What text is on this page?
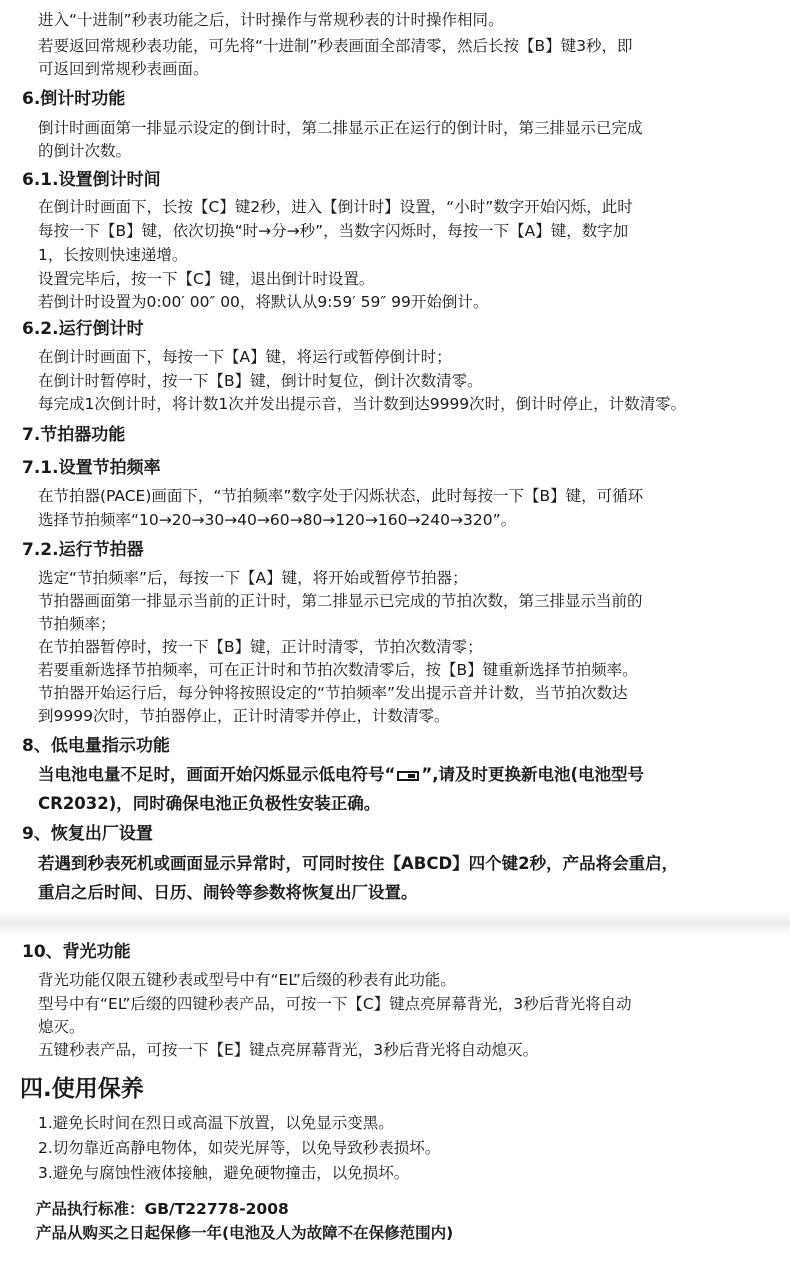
进入“十进制”秒表功能之后，计时操作与常规秒表的计时操作相同。
若要返回常规秒表功能，可先将“十进制”秒表画面全部清零，然后长按【B】键3秒，即
可返回到常规秒表画面。
6.倒计时功能
倒计时画面第一排显示设定的倒计时，第二排显示正在运行的倒计时，第三排显示已完成
的倒计次数。
6.1.设置倒计时间
在倒计时画面下，长按【C】键2秒，进入【倒计时】设置，“小时”数字开始闪烁，此时
每按一下【B】键，依次切换“时→分→秒”，当数字闪烁时，每按一下【A】键，数字加
1，长按则快速递增。
设置完毕后，按一下【C】键，退出倒计时设置。
若倒计时设置为0:00′ 00″ 00，将默认从9:59′ 59″ 99开始倒计。
6.2.运行倒计时
在倒计时画面下，每按一下【A】键，将运行或暂停倒计时；
在倒计时暂停时，按一下【B】键，倒计时复位，倒计次数清零。
每完成1次倒计时，将计数1次并发出提示音，当计数到达9999次时，倒计时停止，计数清零。
7.节拍器功能
7.1.设置节拍频率
在节拍器(PACE)画面下，“节拍频率”数字处于闪烁状态，此时每按一下【B】键，可循环
选择节拍频率“10→20→30→40→60→80→120→160→240→320”。
7.2.运行节拍器
选定“节拍频率”后，每按一下【A】键，将开始或暂停节拍器；
节拍器画面第一排显示当前的正计时，第二排显示已完成的节拍次数，第三排显示当前的
节拍频率；
在节拍器暂停时，按一下【B】键，正计时清零，节拍次数清零；
若要重新选择节拍频率，可在正计时和节拍次数清零后，按【B】键重新选择节拍频率。
节拍器开始运行后，每分钟将按照设定的“节拍频率”发出提示音并计数，当节拍次数达
到9999次时，节拍器停止，正计时清零并停止，计数清零。
8、低电量指示功能
当电池电量不足时，画面开始闪烁显示低电符号“ ”,请及时更换新电池(电池型号
CR2032)，同时确保电池正负极性安装正确。
9、恢复出厂设置
若遇到秒表死机或画面显示异常时，可同时按住【ABCD】四个键2秒，产品将会重启，
重启之后时间、日历、闹铃等参数将恢复出厂设置。
10、背光功能
背光功能仅限五键秒表或型号中有“EL”后缀的秒表有此功能。
型号中有“EL”后缀的四键秒表产品，可按一下【C】键点亮屏幕背光，3秒后背光将自动
熄灭。
五键秒表产品，可按一下【E】键点亮屏幕背光，3秒后背光将自动熄灭。
四.使用保养
1.避免长时间在烈日或高温下放置，以免显示变黑。
2.切勿靠近高静电物体，如荧光屏等，以免导致秒表损坏。
3.避免与腐蚀性液体接触，避免硬物撞击，以免损坏。
产品执行标准：GB/T22778-2008
产品从购买之日起保修一年(电池及人为故障不在保修范围内)
